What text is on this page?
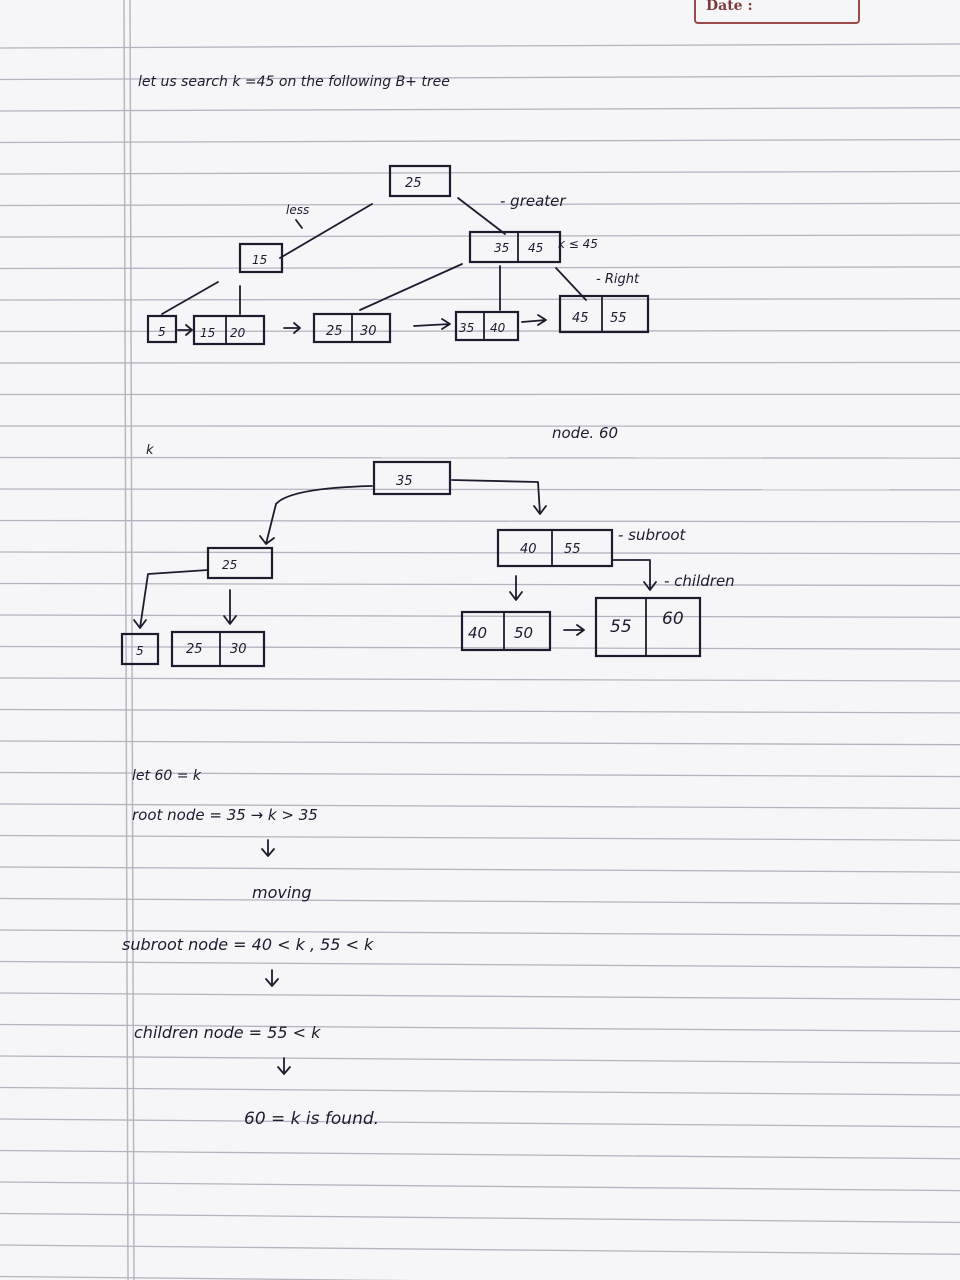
Date :
let us search k =45 on the following B+ tree
25
less	- greater
15
35 45 k ≤ 45
- Right
5	15 20	25 30	35 40
45 55
k
node. 60
35
25
40 55
- subroot
- children
5	25 30
40 50	55 60
let 60 = k
root node = 35 → k > 35
moving
subroot node = 40 < k , 55 < k
children node = 55 < k
60 = k is found.
